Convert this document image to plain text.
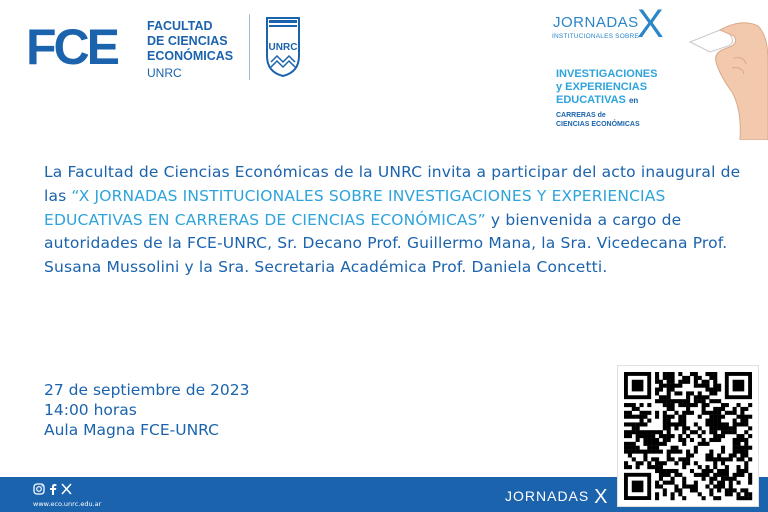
FCE FACULTAD
DE CIENCIAS
ECONÓMICAS
UNRC
UNRC
JORNADAS
X
INSTITUCIONALES SOBRE
INVESTIGACIONES
y EXPERIENCIAS
EDUCATIVAS en
CARRERAS de
CIENCIAS ECONÓMICAS
La Facultad de Ciencias Económicas de la UNRC invita a participar del acto inaugural de las “X JORNADAS INSTITUCIONALES SOBRE INVESTIGACIONES Y EXPERIENCIAS EDUCATIVAS EN CARRERAS DE CIENCIAS ECONÓMICAS” y bienvenida a cargo de autoridades de la FCE-UNRC, Sr. Decano Prof. Guillermo Mana, la Sra. Vicedecana Prof. Susana Mussolini y la Sra. Secretaria Académica Prof. Daniela Concetti.
27 de septiembre de 2023
14:00 horas
Aula Magna FCE-UNRC

www.eco.unrc.edu.ar	JORNADAS X
